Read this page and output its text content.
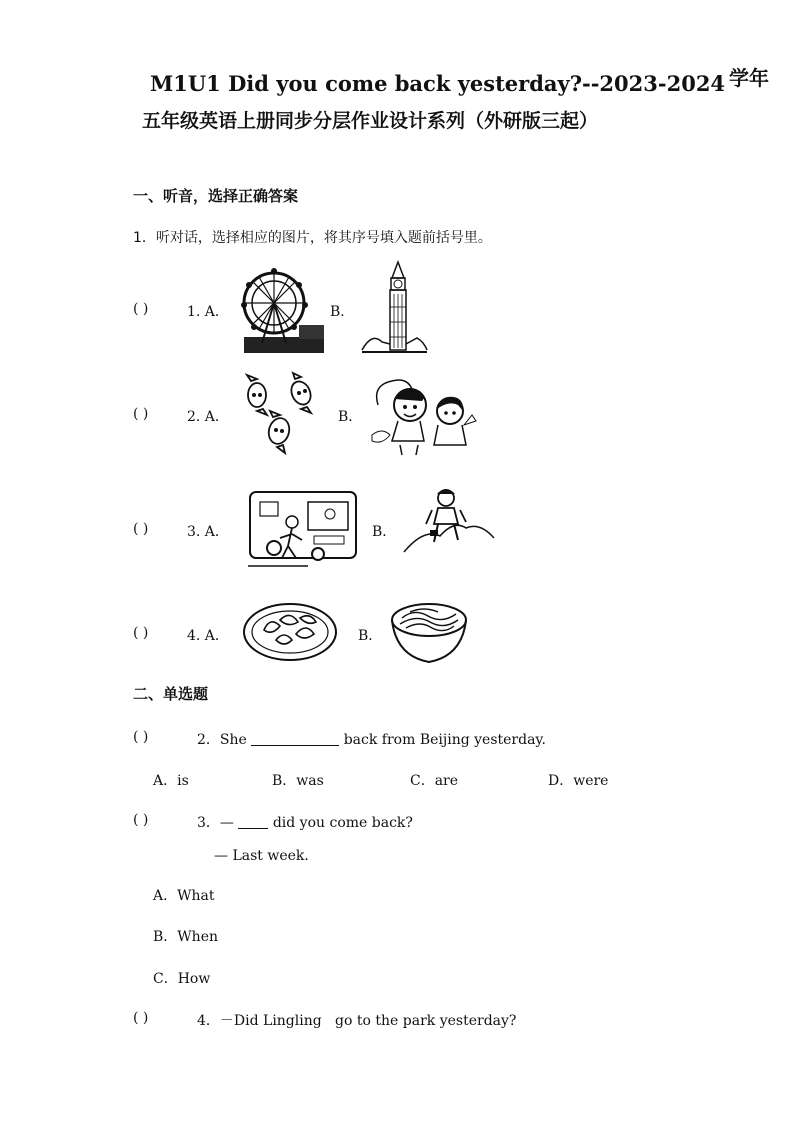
M1U1 Did you come back yesterday?--2023-2024 学年
五年级英语上册同步分层作业设计系列（外研版三起）
一、听音，选择正确答案
1．听对话，选择相应的图片，将其序号填入题前括号里。
( )	1. A．	B．
( )	2. A．	B．
( )	3. A．	B．
( )	4. A．	B．
二、单选题
( )	2．She	back from Beijing yesterday.
A．is	B．was	C．are	D．were
( )	3．—	did you come back?
— Last week.
A．What
B．When
C．How
( )	4．－Did Lingling   go to the park yesterday?
